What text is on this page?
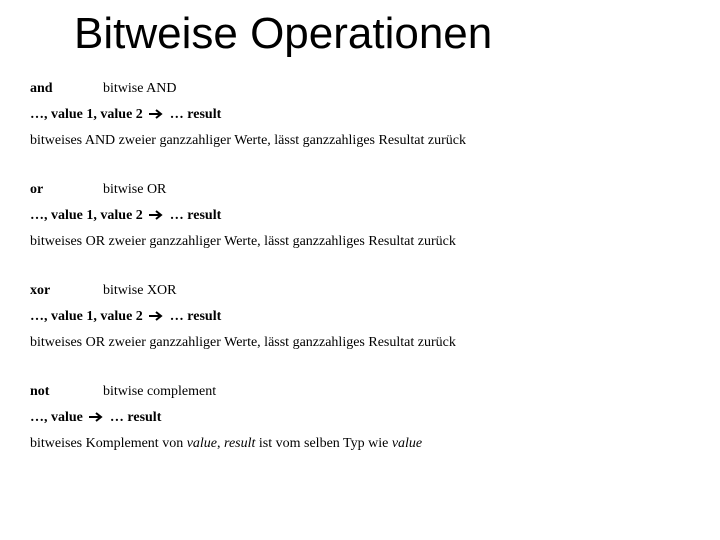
Bitweise Operationen
and	bitwise AND
…, value 1, value 2 … result
bitweises AND zweier ganzzahliger Werte, lässt ganzzahliges Resultat zurück
or	bitwise OR
…, value 1, value 2 … result
bitweises OR zweier ganzzahliger Werte, lässt ganzzahliges Resultat zurück
xor	bitwise XOR
…, value 1, value 2 … result
bitweises OR zweier ganzzahliger Werte, lässt ganzzahliges Resultat zurück
not	bitwise complement
…, value … result
bitweises Komplement von value, result ist vom selben Typ wie value
